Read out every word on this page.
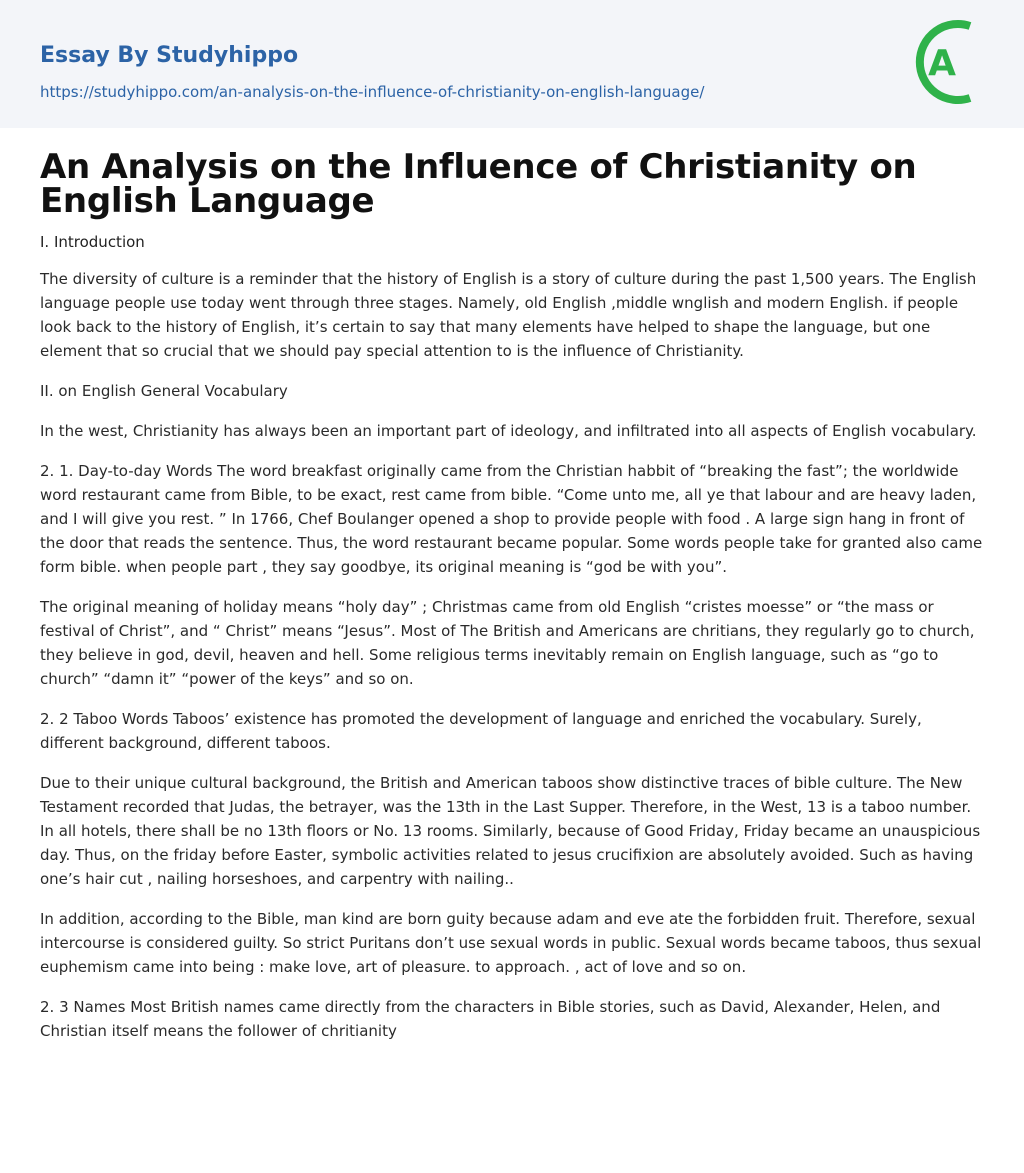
Essay By Studyhippo
https://studyhippo.com/an-analysis-on-the-influence-of-christianity-on-english-language/
A
An Analysis on the Influence of Christianity on English Language
I. Introduction

The diversity of culture is a reminder that the history of English is a story of culture during the past 1,500 years. The English language people use today went through three stages. Namely, old English ,middle wnglish and modern English. if people look back to the history of English, it’s certain to say that many elements have helped to shape the language, but one element that so crucial that we should pay special attention to is the influence of Christianity.

II. on English General Vocabulary

In the west, Christianity has always been an important part of ideology, and infiltrated into all aspects of English vocabulary.

2. 1. Day-to-day Words The word breakfast originally came from the Christian habbit of “breaking the fast”; the worldwide word restaurant came from Bible, to be exact, rest came from bible. “Come unto me, all ye that labour and are heavy laden, and I will give you rest. ” In 1766, Chef Boulanger opened a shop to provide people with food . A large sign hang in front of the door that reads the sentence. Thus, the word restaurant became popular. Some words people take for granted also came form bible. when people part , they say goodbye, its original meaning is “god be with you”.

The original meaning of holiday means “holy day” ; Christmas came from old English “cristes moesse” or “the mass or festival of Christ”, and “ Christ” means “Jesus”. Most of The British and Americans are chritians, they regularly go to church, they believe in god, devil, heaven and hell. Some religious terms inevitably remain on English language, such as “go to church” “damn it” “power of the keys” and so on.

2. 2 Taboo Words Taboos’ existence has promoted the development of language and enriched the vocabulary. Surely, different background, different taboos.

Due to their unique cultural background, the British and American taboos show distinctive traces of bible culture. The New Testament recorded that Judas, the betrayer, was the 13th in the Last Supper. Therefore, in the West, 13 is a taboo number. In all hotels, there shall be no 13th floors or No. 13 rooms. Similarly, because of Good Friday, Friday became an unauspicious day. Thus, on the friday before Easter, symbolic activities related to jesus crucifixion are absolutely avoided. Such as having one’s hair cut , nailing horseshoes, and carpentry with nailing..

In addition, according to the Bible, man kind are born guity because adam and eve ate the forbidden fruit. Therefore, sexual intercourse is considered guilty. So strict Puritans don’t use sexual words in public. Sexual words became taboos, thus sexual euphemism came into being : make love, art of pleasure. to approach. , act of love and so on.

2. 3 Names Most British names came directly from the characters in Bible stories, such as David, Alexander, Helen, and Christian itself means the follower of chritianity
